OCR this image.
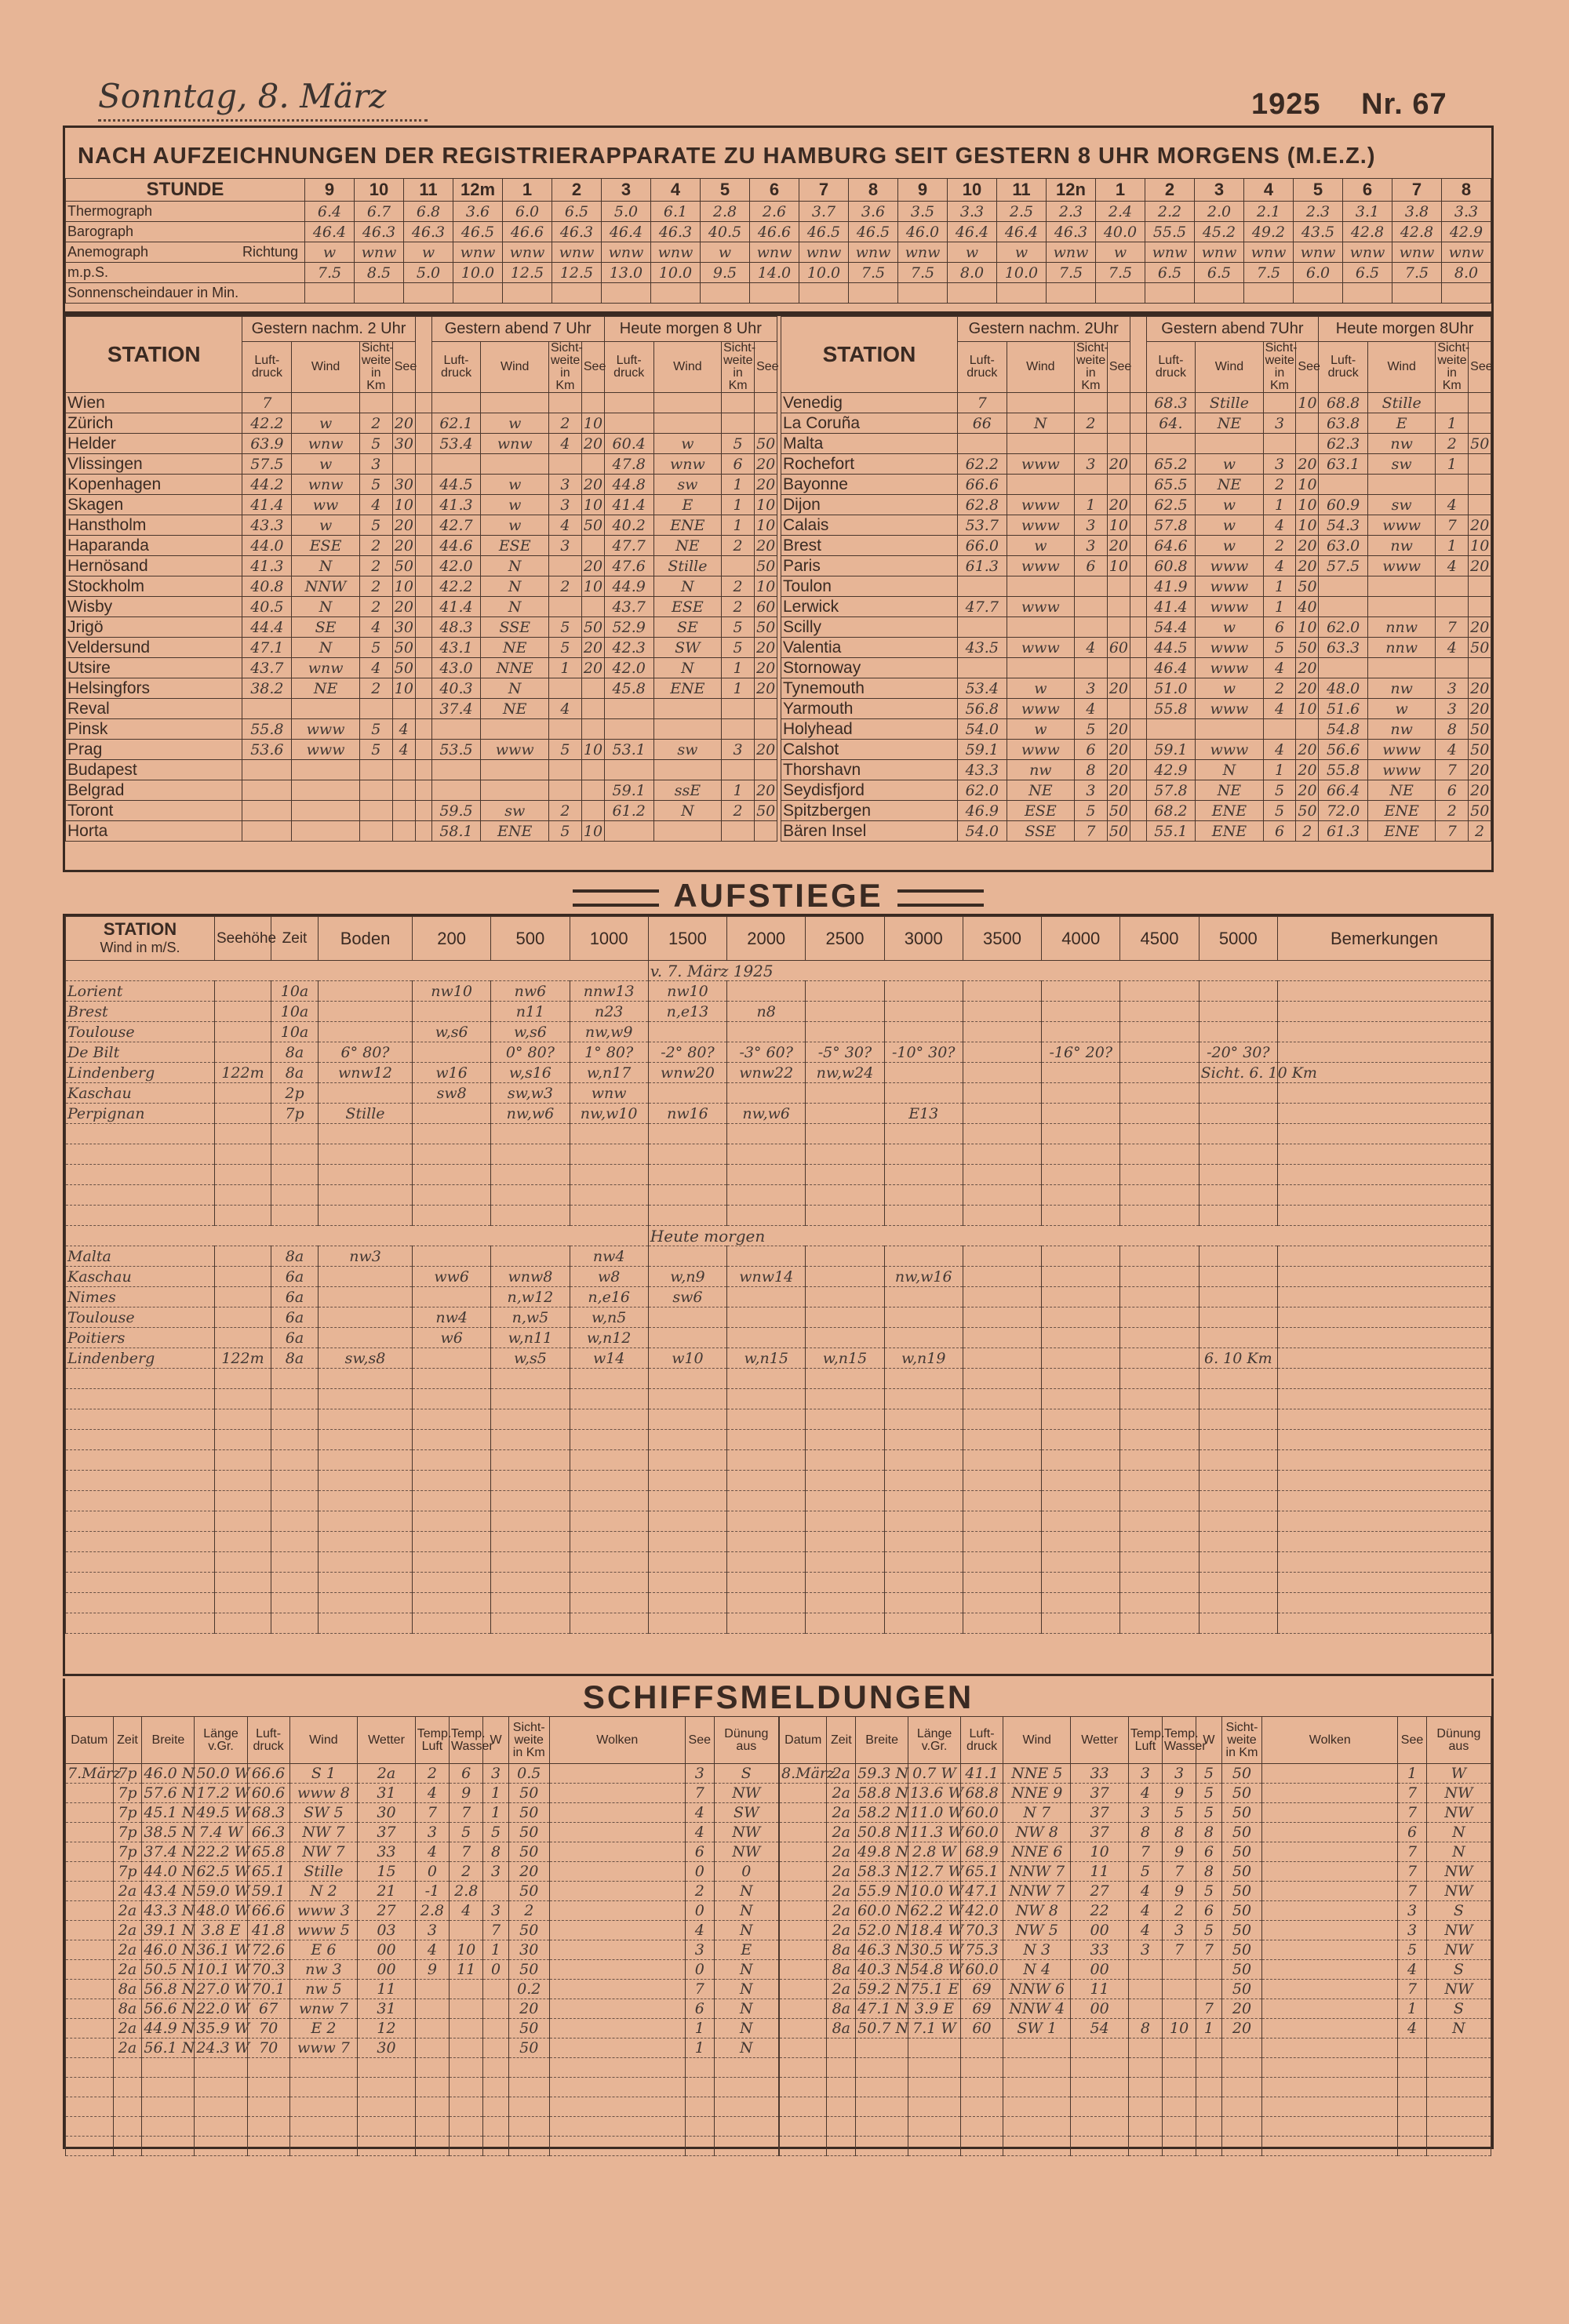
Sonntag, 8. März	1925 Nr. 67
NACH AUFZEICHNUNGEN DER REGISTRIERAPPARATE ZU HAMBURG SEIT GESTERN 8 UHR MORGENS (M.E.Z.)
STUNDE	9	10	11	12m	1	2	3	4	5	6	7	8	9	10	11	12n	1	2	3	4	5	6	7	8
Thermograph	6.4	6.7	6.8	3.6	6.0	6.5	5.0	6.1	2.8	2.6	3.7	3.6	3.5	3.3	2.5	2.3	2.4	2.2	2.0	2.1	2.3	3.1	3.8	3.3
Barograph	46.4	46.3	46.3	46.5	46.6	46.3	46.4	46.3	40.5	46.6	46.5	46.5	46.0	46.4	46.4	46.3	40.0	55.5	45.2	49.2	43.5	42.8	42.8	42.9
Anemograph Richtung	w	wnw	w	wnw	wnw	wnw	wnw	wnw	w	wnw	wnw	wnw	wnw	w	w	wnw	w	wnw	wnw	wnw	wnw	wnw	wnw	wnw
m.p.S.	7.5	8.5	5.0	10.0	12.5	12.5	13.0	10.0	9.5	14.0	10.0	7.5	7.5	8.0	10.0	7.5	7.5	6.5	6.5	7.5	6.0	6.5	7.5	8.0
Sonnenscheindauer in Min.																								
STATION	Gestern nachm. 2 Uhr					Gestern abend 7 Uhr				Heute morgen 8 Uhr			
	Luft-druck	Wind	Sicht-weite in Km	See		Luft-druck	Wind	Sicht-weite in Km	See	Luft-druck	Wind	Sicht-weite in Km	See
Wien	7												
Zürich	42.2	w	2	20		62.1	w	2	10				
Helder	63.9	wnw	5	30		53.4	wnw	4	20	60.4	w	5	50
Vlissingen	57.5	w	3							47.8	wnw	6	20
Kopenhagen	44.2	wnw	5	30		44.5	w	3	20	44.8	sw	1	20
Skagen	41.4	ww	4	10		41.3	w	3	10	41.4	E	1	10
Hanstholm	43.3	w	5	20		42.7	w	4	50	40.2	ENE	1	10
Haparanda	44.0	ESE	2	20		44.6	ESE	3		47.7	NE	2	20
Hernösand	41.3	N	2	50		42.0	N		20	47.6	Stille		50
Stockholm	40.8	NNW	2	10		42.2	N	2	10	44.9	N	2	10
Wisby	40.5	N	2	20		41.4	N			43.7	ESE	2	60
Jrigö	44.4	SE	4	30		48.3	SSE	5	50	52.9	SE	5	50
Veldersund	47.1	N	5	50		43.1	NE	5	20	42.3	SW	5	20
Utsire	43.7	wnw	4	50		43.0	NNE	1	20	42.0	N	1	20
Helsingfors	38.2	NE	2	10		40.3	N			45.8	ENE	1	20
Reval						37.4	NE	4					
Pinsk	55.8	www	5	4									
Prag	53.6	www	5	4		53.5	www	5	10	53.1	sw	3	20
Budapest													
Belgrad										59.1	ssE	1	20
Toront						59.5	sw	2		61.2	N	2	50
Horta						58.1	ENE	5	10				
STATION	Gestern nachm. 2Uhr					Gestern abend 7Uhr				Heute morgen 8Uhr			
	Luft-druck	Wind	Sicht-weite in Km	See		Luft-druck	Wind	Sicht-weite in Km	See	Luft-druck	Wind	Sicht-weite in Km	See
Venedig	7					68.3	Stille		10	68.8	Stille		
La Coruña	66	N	2			64.	NE	3		63.8	E	1	
Malta										62.3	nw	2	50
Rochefort	62.2	www	3	20		65.2	w	3	20	63.1	sw	1	
Bayonne	66.6					65.5	NE	2	10				
Dijon	62.8	www	1	20		62.5	w	1	10	60.9	sw	4	
Calais	53.7	www	3	10		57.8	w	4	10	54.3	www	7	20
Brest	66.0	w	3	20		64.6	w	2	20	63.0	nw	1	10
Paris	61.3	www	6	10		60.8	www	4	20	57.5	www	4	20
Toulon						41.9	www	1	50				
Lerwick	47.7	www				41.4	www	1	40				
Scilly						54.4	w	6	10	62.0	nnw	7	20
Valentia	43.5	www	4	60		44.5	www	5	50	63.3	nnw	4	50
Stornoway						46.4	www	4	20				
Tynemouth	53.4	w	3	20		51.0	w	2	20	48.0	nw	3	20
Yarmouth	56.8	www	4			55.8	www	4	10	51.6	w	3	20
Holyhead	54.0	w	5	20						54.8	nw	8	50
Calshot	59.1	www	6	20		59.1	www	4	20	56.6	www	4	50
Thorshavn	43.3	nw	8	20		42.9	N	1	20	55.8	www	7	20
Seydisfjord	62.0	NE	3	20		57.8	NE	5	20	66.4	NE	6	20
Spitzbergen	46.9	ESE	5	50		68.2	ENE	5	50	72.0	ENE	2	50
Bären Insel	54.0	SSE	7	50		55.1	ENE	6	2	61.3	ENE	7	2
AUFSTIEGE
STATION
Wind in m/S.	Seehöhe	Zeit	Boden	200	500	1000	1500	2000	2500	3000	3500	4000	4500	5000	Bemerkungen
							v. 7. März 1925								
Lorient		10a		nw10	nw6	nnw13	nw10								
Brest		10a			n11	n23	n,e13	n8							
Toulouse		10a		w,s6	w,s6	nw,w9									
De Bilt		8a	6° 80?		0° 80?	1° 80?	-2° 80?	-3° 60?	-5° 30?	-10° 30?		-16° 20?		-20° 30?	
Lindenberg	122m	8a	wnw12	w16	w,s16	w,n17	wnw20	wnw22	nw,w24					Sicht. 6. 10 Km	
Kaschau		2p		sw8	sw,w3	wnw									
Perpignan		7p	Stille		nw,w6	nw,w10	nw16	nw,w6		E13					

							Heute morgen								
Malta		8a	nw3			nw4									
Kaschau		6a		ww6	wnw8	w8	w,n9	wnw14		nw,w16					
Nimes		6a			n,w12	n,e16	sw6								
Toulouse		6a		nw4	n,w5	w,n5									
Poitiers		6a		w6	w,n11	w,n12									
Lindenberg	122m	8a	sw,s8		w,s5	w14	w10	w,n15	w,n15	w,n19				6. 10 Km	

SCHIFFSMELDUNGEN
Datum	Zeit	Breite	Länge v.Gr.	Luft-druck	Wind	Wetter	Temp. Luft	Temp. Wasser	W	Sicht-weite in Km	Wolken	See	Dünung aus
7.März	7p	46.0 N	50.0 W	66.6	S 1	2a	2	6	3	0.5		3	S
	7p	57.6 N	17.2 W	60.6	www 8	31	4	9	1	50		7	NW
	7p	45.1 N	49.5 W	68.3	SW 5	30	7	7	1	50		4	SW
	7p	38.5 N	7.4 W	66.3	NW 7	37	3	5	5	50		4	NW
	7p	37.4 N	22.2 W	65.8	NW 7	33	4	7	8	50		6	NW
	7p	44.0 N	62.5 W	65.1	Stille	15	0	2	3	20		0	0
	2a	43.4 N	59.0 W	59.1	N 2	21	-1	2.8		50		2	N
	2a	43.3 N	48.0 W	66.6	www 3	27	2.8	4	3	2		0	N
	2a	39.1 N	3.8 E	41.8	www 5	03	3		7	50		4	N
	2a	46.0 N	36.1 W	72.6	E 6	00	4	10	1	30		3	E
	2a	50.5 N	10.1 W	70.3	nw 3	00	9	11	0	50		0	N
	8a	56.8 N	27.0 W	70.1	nw 5	11				0.2		7	N
	8a	56.6 N	22.0 W	67	wnw 7	31				20		6	N
	2a	44.9 N	35.9 W	70	E 2	12				50		1	N
	2a	56.1 N	24.3 W	70	www 7	30				50		1	N

Datum	Zeit	Breite	Länge v.Gr.	Luft-druck	Wind	Wetter	Temp. Luft	Temp. Wasser	W	Sicht-weite in Km	Wolken	See	Dünung aus
8.März	2a	59.3 N	0.7 W	41.1	NNE 5	33	3	3	5	50		1	W
	2a	58.8 N	13.6 W	68.8	NNE 9	37	4	9	5	50		7	NW
	2a	58.2 N	11.0 W	60.0	N 7	37	3	5	5	50		7	NW
	2a	50.8 N	11.3 W	60.0	NW 8	37	8	8	8	50		6	N
	2a	49.8 N	2.8 W	68.9	NNE 6	10	7	9	6	50		7	N
	2a	58.3 N	12.7 W	65.1	NNW 7	11	5	7	8	50		7	NW
	2a	55.9 N	10.0 W	47.1	NNW 7	27	4	9	5	50		7	NW
	2a	60.0 N	62.2 W	42.0	NW 8	22	4	2	6	50		3	S
	2a	52.0 N	18.4 W	70.3	NW 5	00	4	3	5	50		3	NW
	8a	46.3 N	30.5 W	75.3	N 3	33	3	7	7	50		5	NW
	8a	40.3 N	54.8 W	60.0	N 4	00				50		4	S
	2a	59.2 N	75.1 E	69	NNW 6	11				50		7	NW
	8a	47.1 N	3.9 E	69	NNW 4	00			7	20		1	S
	8a	50.7 N	7.1 W	60	SW 1	54	8	10	1	20		4	N
